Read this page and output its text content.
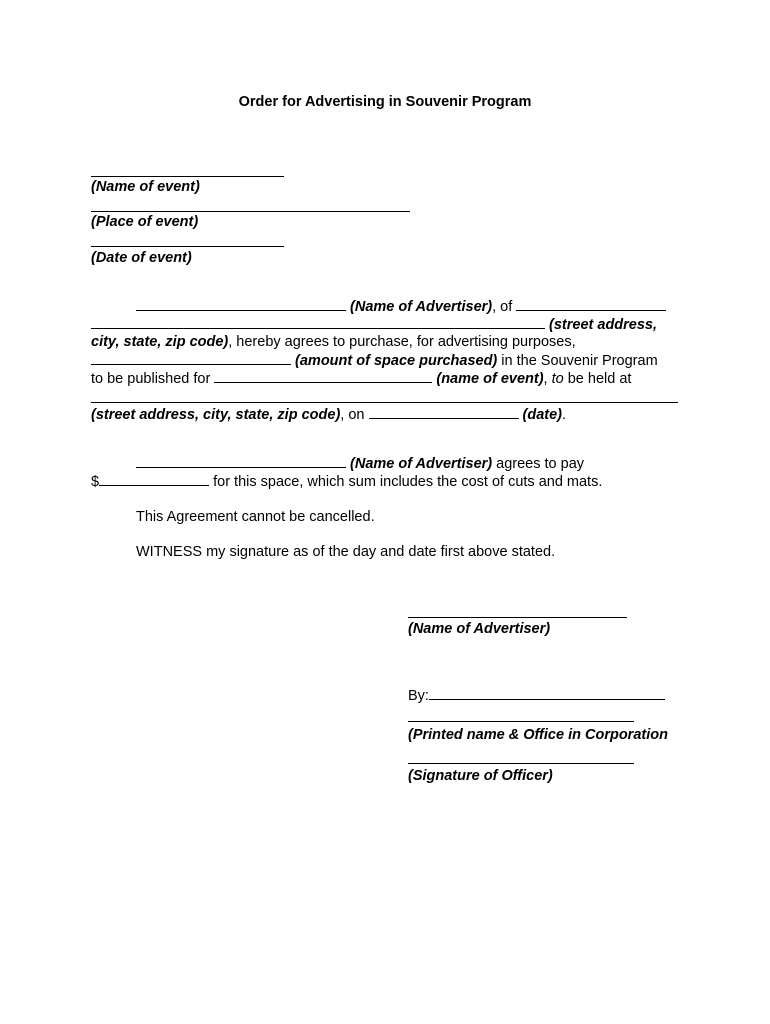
Order for Advertising in Souvenir Program
(Name of event)
(Place of event)
(Date of event)
(Name of Advertiser), of
(street address,
city, state, zip code), hereby agrees to purchase, for advertising purposes,
(amount of space purchased) in the Souvenir Program
to be published for	(name of event), to be held at
(street address, city, state, zip code), on	(date).
(Name of Advertiser) agrees to pay
$	for this space, which sum includes the cost of cuts and mats.
This Agreement cannot be cancelled.
WITNESS my signature as of the day and date first above stated.
(Name of Advertiser)
By:
(Printed name & Office in Corporation
(Signature of Officer)
